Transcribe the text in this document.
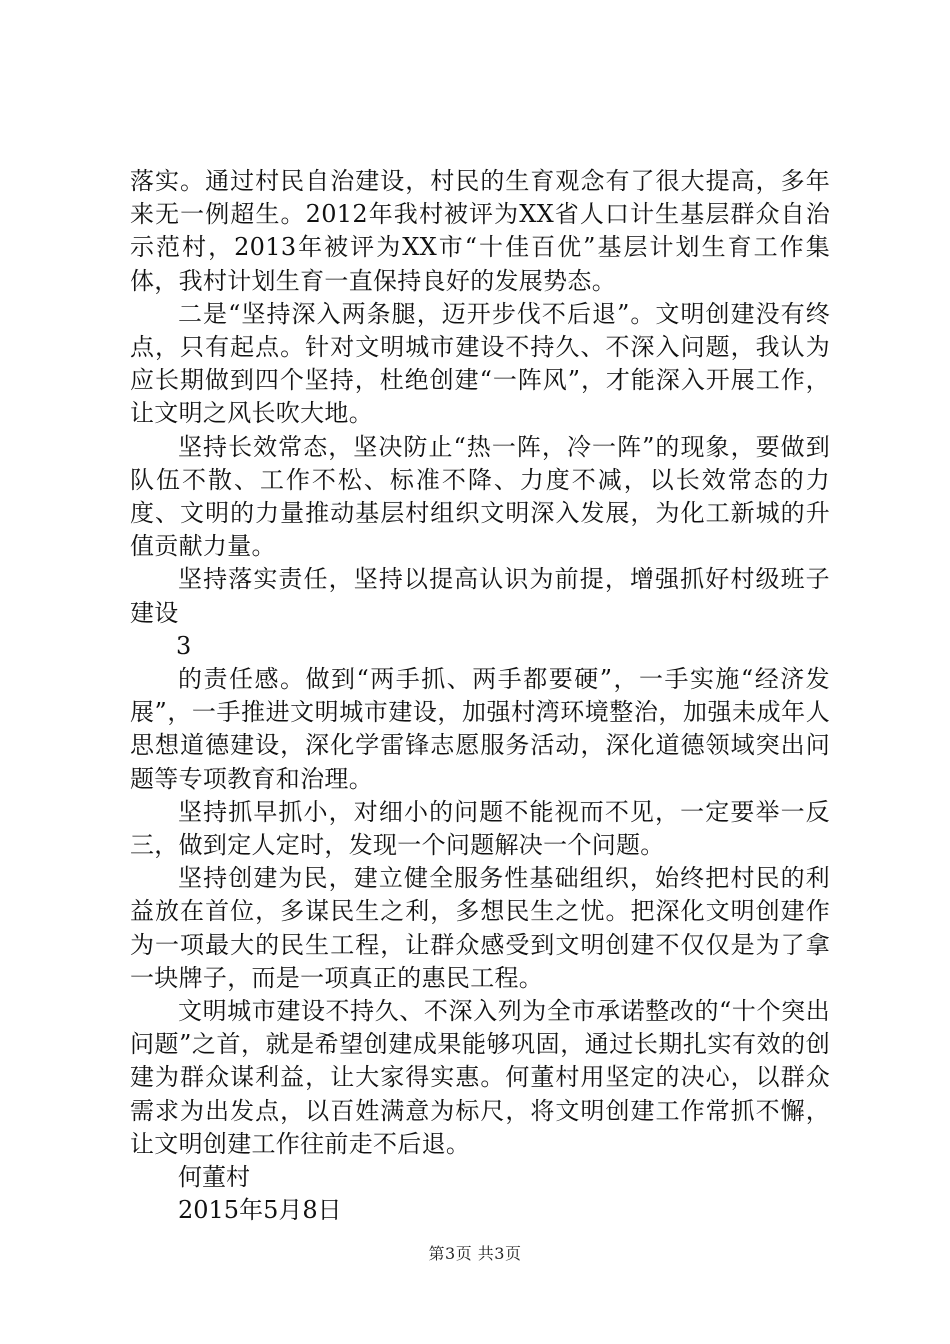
落实。通过村民自治建设，村民的生育观念有了很大提高，多年来无一例超生。2012年我村被评为XX省人口计生基层群众自治示范村，2013年被评为XX市“十佳百优”基层计划生育工作集体，我村计划生育一直保持良好的发展势态。

二是“坚持深入两条腿，迈开步伐不后退”。文明创建没有终点，只有起点。针对文明城市建设不持久、不深入问题，我认为应长期做到四个坚持，杜绝创建“一阵风”，才能深入开展工作，让文明之风长吹大地。

坚持长效常态，坚决防止“热一阵，冷一阵”的现象，要做到队伍不散、工作不松、标准不降、力度不减，以长效常态的力度、文明的力量推动基层村组织文明深入发展，为化工新城的升值贡献力量。

坚持落实责任，坚持以提高认识为前提，增强抓好村级班子建设

3

的责任感。做到“两手抓、两手都要硬”，一手实施“经济发展”，一手推进文明城市建设，加强村湾环境整治，加强未成年人思想道德建设，深化学雷锋志愿服务活动，深化道德领域突出问题等专项教育和治理。

坚持抓早抓小，对细小的问题不能视而不见，一定要举一反三，做到定人定时，发现一个问题解决一个问题。

坚持创建为民，建立健全服务性基础组织，始终把村民的利益放在首位，多谋民生之利，多想民生之忧。把深化文明创建作为一项最大的民生工程，让群众感受到文明创建不仅仅是为了拿一块牌子，而是一项真正的惠民工程。

文明城市建设不持久、不深入列为全市承诺整改的“十个突出问题”之首，就是希望创建成果能够巩固，通过长期扎实有效的创建为群众谋利益，让大家得实惠。何董村用坚定的决心，以群众需求为出发点，以百姓满意为标尺，将文明创建工作常抓不懈，让文明创建工作往前走不后退。

何董村

2015年5月8日

第3页 共3页
